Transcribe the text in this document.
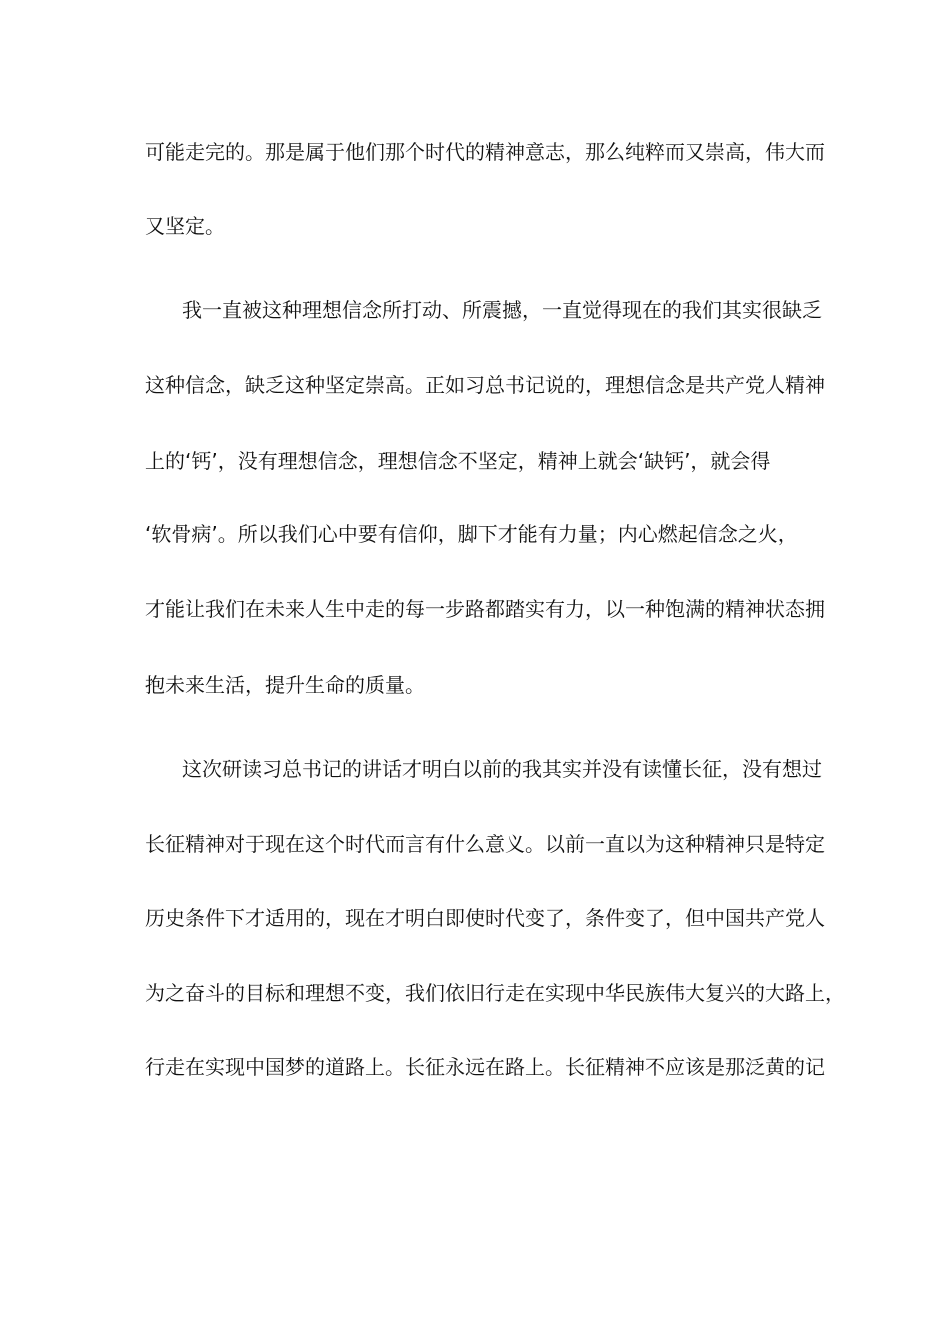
可能走完的。那是属于他们那个时代的精神意志，那么纯粹而又崇高，伟大而
又坚定。
我一直被这种理想信念所打动、所震撼，一直觉得现在的我们其实很缺乏
这种信念，缺乏这种坚定崇高。正如习总书记说的，理想信念是共产党人精神
上的‘钙’，没有理想信念，理想信念不坚定，精神上就会‘缺钙’，就会得
‘软骨病’。所以我们心中要有信仰，脚下才能有力量；内心燃起信念之火，
才能让我们在未来人生中走的每一步路都踏实有力，以一种饱满的精神状态拥
抱未来生活，提升生命的质量。
这次研读习总书记的讲话才明白以前的我其实并没有读懂长征，没有想过
长征精神对于现在这个时代而言有什么意义。以前一直以为这种精神只是特定
历史条件下才适用的，现在才明白即使时代变了，条件变了，但中国共产党人
为之奋斗的目标和理想不变，我们依旧行走在实现中华民族伟大复兴的大路上，
行走在实现中国梦的道路上。长征永远在路上。长征精神不应该是那泛黄的记
